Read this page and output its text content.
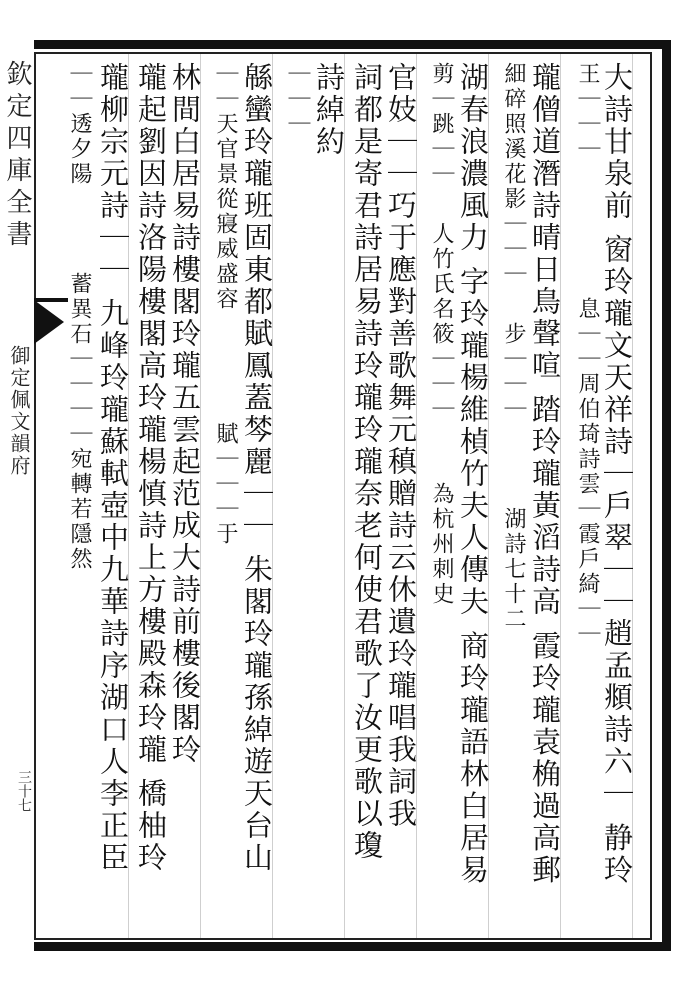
欽定四庫全書
御定佩文韻府
三十七	大詩甘泉前 窗玲瓏文天祥詩｜戶翠｜｜趙孟頫詩六｜ 静玲
王｜｜｜ 　　　　　息｜｜周伯琦詩雲｜霞戶綺｜｜
瓏僧道潛詩晴日鳥聲喧 踏玲瓏黃滔詩高 霞玲瓏袁桷過高郵
細碎照溪花影｜｜｜ 　步｜｜｜ 　　　湖詩七十二
湖春浪濃風力 字玲瓏楊維楨竹夫人傳夫 商玲瓏語林白居易
剪｜跳｜｜ 　人竹氏名筱｜｜｜ 　　為杭州刺史
官妓｜｜巧于應對善歌舞元稹贈詩云休遺玲瓏唱我詞我
詞都是寄君詩居易詩玲瓏玲瓏奈老何使君歌了汝更歌以瓊
詩綽約
｜｜｜
緜蠻玲瓏班固東都賦鳳蓋棽麗｜｜ 朱閣玲瓏孫綽遊天台山
｜｜天官景從寢威盛容 　　　　賦｜｜｜于
林間白居易詩樓閣玲瓏五雲起范成大詩前樓後閣玲
瓏起劉因詩洛陽樓閣高玲瓏楊慎詩上方樓殿森玲瓏 橋柚玲
瓏柳宗元詩｜｜ 九峰玲瓏蘇軾壺中九華詩序湖口人李正臣
｜｜透夕陽 　　　蓄異石｜｜｜｜宛轉若隱然
